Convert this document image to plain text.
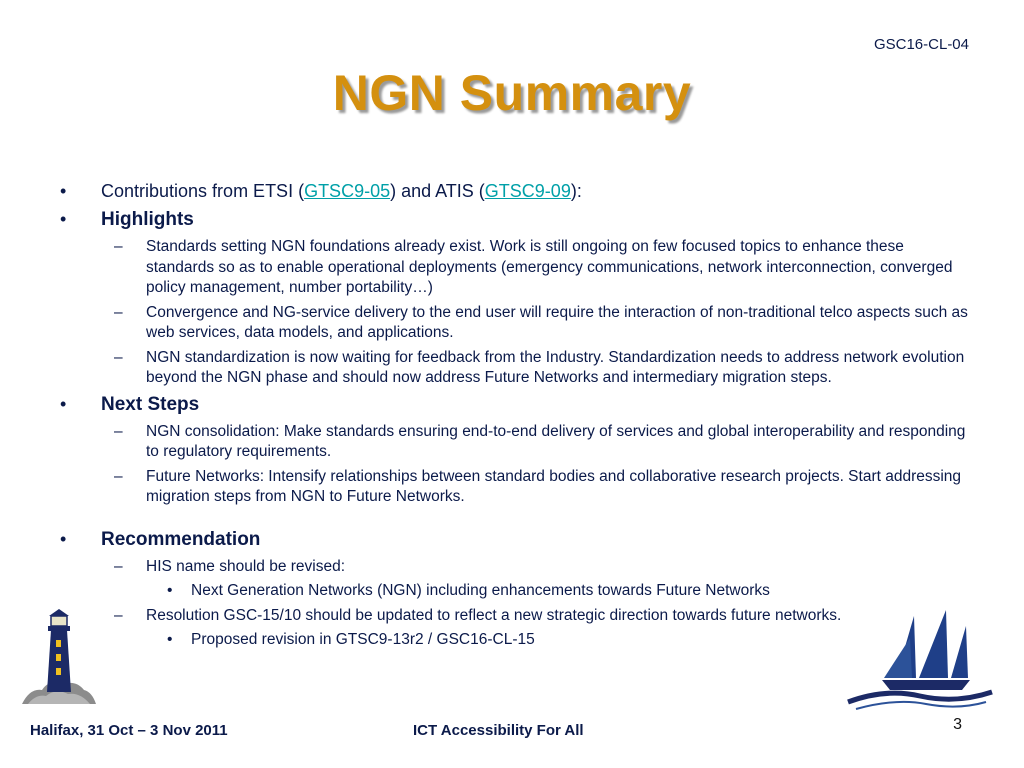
GSC16-CL-04
NGN Summary
• Contributions from ETSI (GTSC9-05) and ATIS (GTSC9-09):
• Highlights
– Standards setting NGN foundations already exist. Work is still ongoing on few focused topics to enhance these standards so as to enable operational deployments (emergency communications, network interconnection, converged policy management, number portability…)
– Convergence and NG-service delivery to the end user will require the interaction of non-traditional telco aspects such as web services, data models, and applications.
– NGN standardization is now waiting for feedback from the Industry. Standardization needs to address network evolution beyond the NGN phase and should now address Future Networks and intermediary migration steps.
• Next Steps
– NGN consolidation: Make standards ensuring end-to-end delivery of services and global interoperability and responding to regulatory requirements.
– Future Networks: Intensify relationships between standard bodies and collaborative research projects. Start addressing migration steps from NGN to Future Networks.
• Recommendation
– HIS name should be revised:
• Next Generation Networks (NGN) including enhancements towards Future Networks
– Resolution GSC-15/10 should be updated to reflect a new strategic direction towards future networks.
• Proposed revision in GTSC9-13r2 / GSC16-CL-15
Halifax, 31 Oct – 3 Nov 2011	ICT Accessibility For All	3
